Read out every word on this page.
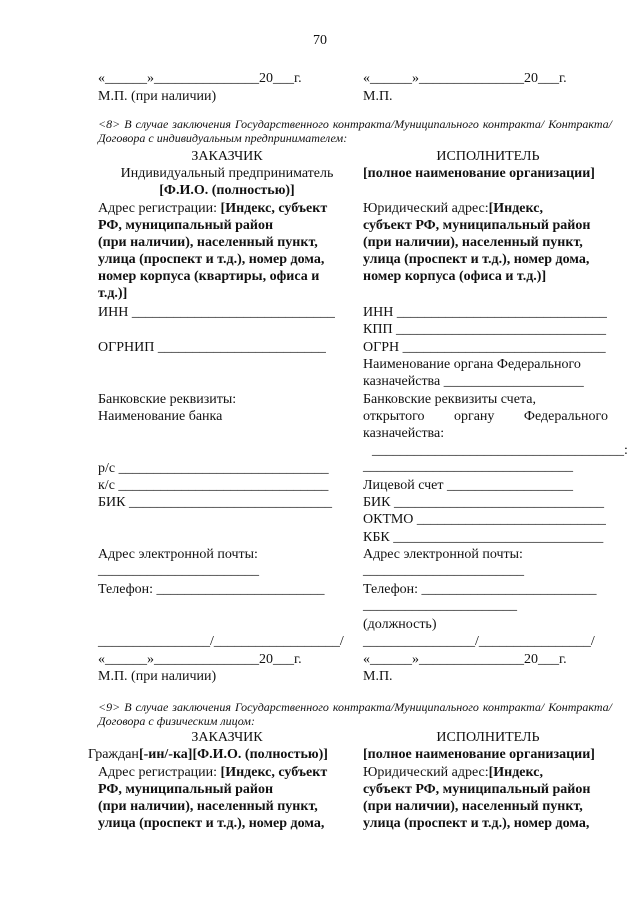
70
«______»_______________20___г.
М.П. (при наличии)
«______»_______________20___г.
М.П.
<8> В случае заключения Государственного контракта/Муниципального контракта/ Контракта/Договора с индивидуальным предпринимателем:
ЗАКАЗЧИК
Индивидуальный предприниматель
[Ф.И.О. (полностью)]
Адрес регистрации: [Индекс, субъект
РФ, муниципальный район
(при наличии), населенный пункт,
улица (проспект и т.д.), номер дома,
номер корпуса (квартиры, офиса и
т.д.)]
ИНН _____________________________
ОГРНИП ________________________
Банковские реквизиты:
Наименование банка
р/с ______________________________
к/с ______________________________
БИК _____________________________
Адрес электронной почты:
_______________________
Телефон: ________________________
________________/__________________/
«______»_______________20___г.
М.П. (при наличии)
ИСПОЛНИТЕЛЬ
[полное наименование организации]
Юридический адрес:[Индекс,
субъект РФ, муниципальный район
(при наличии), населенный пункт,
улица (проспект и т.д.), номер дома,
номер корпуса (офиса и т.д.)]
ИНН ______________________________
КПП ______________________________
ОГРН _____________________________
Наименование органа Федерального
казначейства ____________________
Банковские реквизиты счета,
открытого органу Федерального
казначейства:
____________________________________:
______________________________
Лицевой счет __________________
БИК ______________________________
ОКТМО ___________________________
КБК ______________________________
Адрес электронной почты:
_______________________
Телефон: _________________________
______________________
(должность)
________________/________________/
«______»_______________20___г.
М.П.
<9> В случае заключения Государственного контракта/Муниципального контракта/ Контракта/Договора с физическим лицом:
ЗАКАЗЧИК
Граждан[-ин/-ка][Ф.И.О. (полностью)]
Адрес регистрации: [Индекс, субъект
РФ, муниципальный район
(при наличии), населенный пункт,
улица (проспект и т.д.), номер дома,
ИСПОЛНИТЕЛЬ
[полное наименование организации]
Юридический адрес:[Индекс,
субъект РФ, муниципальный район
(при наличии), населенный пункт,
улица (проспект и т.д.), номер дома,
